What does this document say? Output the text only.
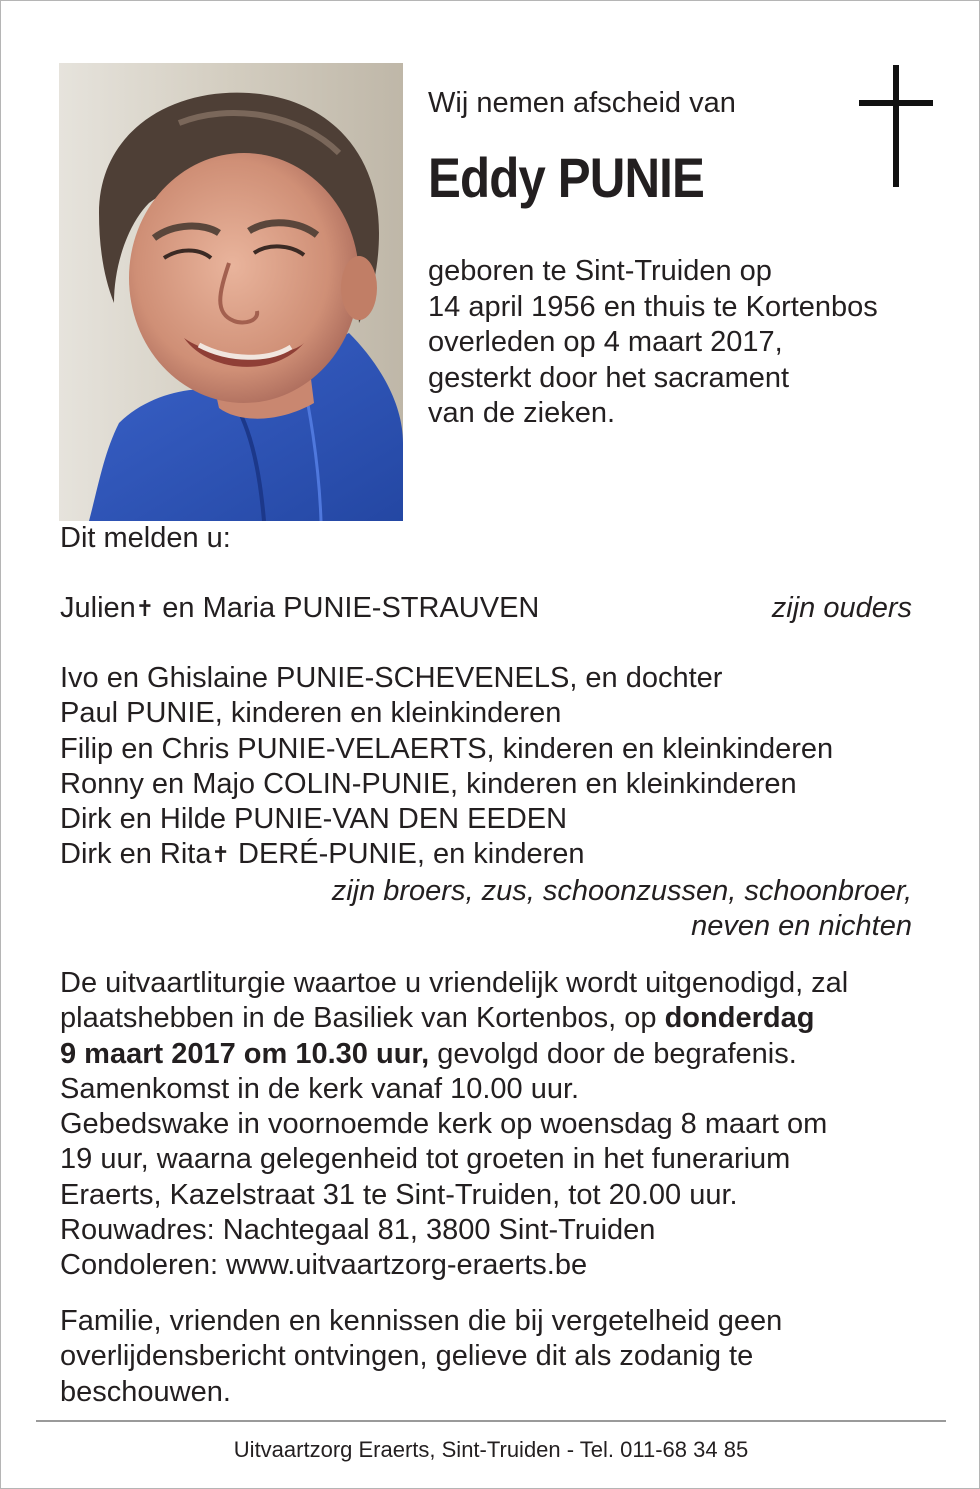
Wij nemen afscheid van
Eddy PUNIE
geboren te Sint-Truiden op
14 april 1956 en thuis te Kortenbos
overleden op 4 maart 2017,
gesterkt door het sacrament
van de zieken.
Dit melden u:
Julien✝ en Maria PUNIE-STRAUVEN	zijn ouders
Ivo en Ghislaine PUNIE-SCHEVENELS, en dochter
Paul PUNIE, kinderen en kleinkinderen
Filip en Chris PUNIE-VELAERTS, kinderen en kleinkinderen
Ronny en Majo COLIN-PUNIE, kinderen en kleinkinderen
Dirk en Hilde PUNIE-VAN DEN EEDEN
Dirk en Rita✝ DERÉ-PUNIE, en kinderen
zijn broers, zus, schoonzussen, schoonbroer,
neven en nichten
De uitvaartliturgie waartoe u vriendelijk wordt uitgenodigd, zal
plaatshebben in de Basiliek van Kortenbos, op donderdag
9 maart 2017 om 10.30 uur, gevolgd door de begrafenis.
Samenkomst in de kerk vanaf 10.00 uur.
Gebedswake in voornoemde kerk op woensdag 8 maart om
19 uur, waarna gelegenheid tot groeten in het funerarium
Eraerts, Kazelstraat 31 te Sint-Truiden, tot 20.00 uur.
Rouwadres: Nachtegaal 81, 3800 Sint-Truiden
Condoleren: www.uitvaartzorg-eraerts.be
Familie, vrienden en kennissen die bij vergetelheid geen
overlijdensbericht ontvingen, gelieve dit als zodanig te
beschouwen.
Uitvaartzorg Eraerts, Sint-Truiden - Tel. 011-68 34 85
